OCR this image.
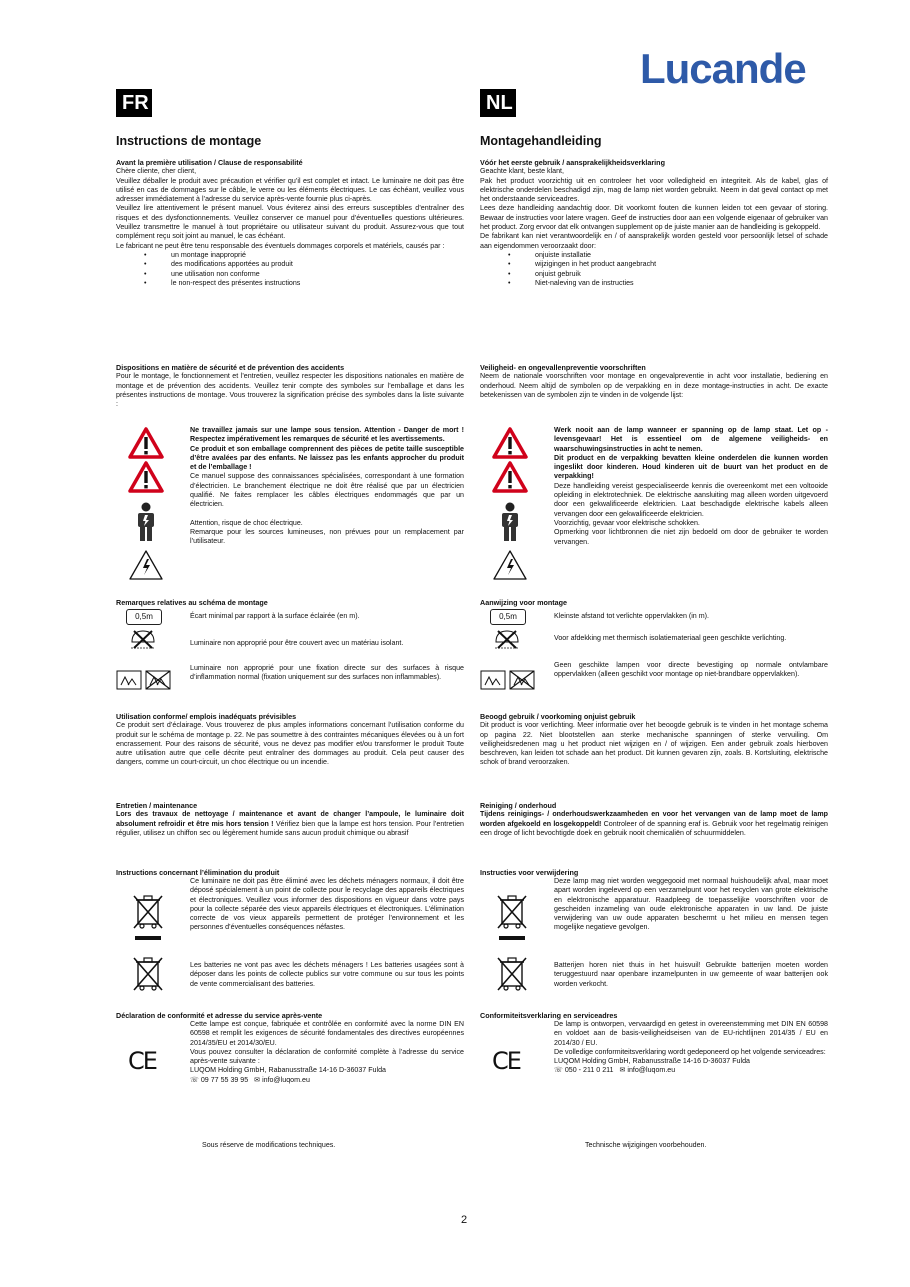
Lucande
FR	NL
Instructions de montage
Avant la première utilisation / Clause de responsabilité

Chère cliente, cher client,

Veuillez déballer le produit avec précaution et vérifier qu’il est complet et intact. Le luminaire ne doit pas être utilisé en cas de dommages sur le câble, le verre ou les éléments électriques. Le cas échéant, veuillez vous adresser immédiatement à l’adresse du service après-vente fournie plus ci-après.

Veuillez lire attentivement le présent manuel. Vous éviterez ainsi des erreurs susceptibles d’entraîner des risques et des dysfonctionnements. Veuillez conserver ce manuel pour d’éventuelles questions ultérieures. Veuillez transmettre le manuel à tout propriétaire ou utilisateur suivant du produit. Assurez-vous que tout complément reçu soit joint au manuel, le cas échéant.

Le fabricant ne peut être tenu responsable des éventuels dommages corporels et matériels, causés par :

• un montage inapproprié
• des modifications apportées au produit
• une utilisation non conforme
• le non-respect des présentes instructions
Dispositions en matière de sécurité et de prévention des accidents

Pour le montage, le fonctionnement et l’entretien, veuillez respecter les dispositions nationales en matière de montage et de prévention des accidents. Veuillez tenir compte des symboles sur l’emballage et dans les présentes instructions de montage. Vous trouverez la signification précise des symboles dans la liste suivante :

Ne travaillez jamais sur une lampe sous tension. Attention - Danger de mort ! Respectez impérativement les remarques de sécurité et les avertissements.

Ce produit et son emballage comprennent des pièces de petite taille susceptible d’être avalées par des enfants. Ne laissez pas les enfants approcher du produit et de l’emballage !

Ce manuel suppose des connaissances spécialisées, correspondant à une formation d’électricien. Le branchement électrique ne doit être réalisé que par un électricien qualifié. Ne faites remplacer les câbles électriques endommagés que par un électricien.

Attention, risque de choc électrique.

Remarque pour les sources lumineuses, non prévues pour un remplacement par l’utilisateur.

Remarques relatives au schéma de montage
0,5m	Écart minimal par rapport à la surface éclairée (en m).

Luminaire non approprié pour être couvert avec un matériau isolant.

Luminaire non approprié pour une fixation directe sur des surfaces à risque d’inflammation normal (fixation uniquement sur des surfaces non inflammables).

Utilisation conforme/ emplois inadéquats prévisibles

Ce produit sert d’éclairage. Vous trouverez de plus amples informations concernant l’utilisation conforme du produit sur le schéma de montage p. 22. Ne pas soumettre à des contraintes mécaniques élevées ou à un fort encrassement. Pour des raisons de sécurité, vous ne devez pas modifier et/ou transformer le produit Toute autre utilisation autre que celle décrite peut entraîner des dommages au produit. Cela peut causer des dangers, comme un court-circuit, un choc électrique ou un incendie.

Entretien / maintenance

Lors des travaux de nettoyage / maintenance et avant de changer l’ampoule, le luminaire doit absolument refroidir et être mis hors tension ! Vérifiez bien que la lampe est hors tension. Pour l’entretien régulier, utilisez un chiffon sec ou légèrement humide sans aucun produit chimique ou abrasif

Instructions concernant l’élimination du produit

Ce luminaire ne doit pas être éliminé avec les déchets ménagers normaux, il doit être déposé spécialement à un point de collecte pour le recyclage des appareils électriques et électroniques. Veuillez vous informer des dispositions en vigueur dans votre pays pour la collecte séparée des vieux appareils électriques et électroniques. L’élimination correcte de vos vieux appareils permettent de protéger l’environnement et les personnes d’éventuelles conséquences néfastes.

Les batteries ne vont pas avec les déchets ménagers ! Les batteries usagées sont à déposer dans les points de collecte publics sur votre commune ou sur tous les points de vente commercialisant des batteries.

Déclaration de conformité et adresse du service après-vente
CE

Cette lampe est conçue, fabriquée et contrôlée en conformité avec la norme DIN EN 60598 et remplit les exigences de sécurité fondamentales des directives européennes 2014/35/EU et 2014/30/EU.

Vous pouvez consulter la déclaration de conformité complète à l’adresse du service après-vente suivante :

LUQOM Holding GmbH, Rabanusstraße 14-16 D-36037 Fulda

☏ 09 77 55 39 95 ✉ info@luqom.eu

Sous réserve de modifications techniques.
Montagehandleiding
Vóór het eerste gebruik / aansprakelijkheidsverklaring

Geachte klant, beste klant,

Pak het product voorzichtig uit en controleer het voor volledigheid en integriteit. Als de kabel, glas of elektrische onderdelen beschadigd zijn, mag de lamp niet worden gebruikt. Neem in dat geval contact op met het onderstaande serviceadres.

Lees deze handleiding aandachtig door. Dit voorkomt fouten die kunnen leiden tot een gevaar of storing. Bewaar de instructies voor latere vragen. Geef de instructies door aan een volgende eigenaar of gebruiker van het product. Zorg ervoor dat elk ontvangen supplement op de juiste manier aan de handleiding is gekoppeld.

De fabrikant kan niet verantwoordelijk en / of aansprakelijk worden gesteld voor persoonlijk letsel of schade aan eigendommen veroorzaakt door:

• onjuiste installatie
• wijzigingen in het product aangebracht
• onjuist gebruik
• Niet-naleving van de instructies
Veiligheid- en ongevallenpreventie voorschriften

Neem de nationale voorschriften voor montage en ongevalpreventie in acht voor installatie, bediening en onderhoud. Neem altijd de symbolen op de verpakking en in deze montage-instructies in acht. De exacte betekenissen van de symbolen zijn te vinden in de volgende lijst:

Werk nooit aan de lamp wanneer er spanning op de lamp staat. Let op - levensgevaar! Het is essentieel om de algemene veiligheids- en waarschuwingsinstructies in acht te nemen.

Dit product en de verpakking bevatten kleine onderdelen die kunnen worden ingeslikt door kinderen. Houd kinderen uit de buurt van het product en de verpakking!

Deze handleiding vereist gespecialiseerde kennis die overeenkomt met een voltooide opleiding in elektrotechniek. De elektrische aansluiting mag alleen worden uitgevoerd door een gekwalificeerde elektricien. Laat beschadigde elektrische kabels alleen vervangen door een gekwalificeerde elektricien.

Voorzichtig, gevaar voor elektrische schokken.

Opmerking voor lichtbronnen die niet zijn bedoeld om door de gebruiker te worden vervangen.

Aanwijzing voor montage
0,5m	Kleinste afstand tot verlichte oppervlakken (in m).

Voor afdekking met thermisch isolatiemateriaal geen geschikte verlichting.

Geen geschikte lampen voor directe bevestiging op normale ontvlambare oppervlakken (alleen geschikt voor montage op niet-brandbare oppervlakken).

Beoogd gebruik / voorkoming onjuist gebruik

Dit product is voor verlichting. Meer informatie over het beoogde gebruik is te vinden in het montage schema op pagina 22. Niet blootstellen aan sterke mechanische spanningen of sterke vervuiling. Om veiligheidsredenen mag u het product niet wijzigen en / of wijzigen. Een ander gebruik zoals hierboven beschreven, kan leiden tot schade aan het product. Dit kunnen gevaren zijn, zoals. B. Kortsluiting, elektrische schok of brand veroorzaken.

Reiniging / onderhoud

Tijdens reinigings- / onderhoudswerkzaamheden en voor het vervangen van de lamp moet de lamp worden afgekoeld en losgekoppeld! Controleer of de spanning eraf is. Gebruik voor het regelmatig reinigen een droge of licht bevochtigde doek en gebruik nooit chemicaliën of schuurmiddelen.

Instructies voor verwijdering

Deze lamp mag niet worden weggegooid met normaal huishoudelijk afval, maar moet apart worden ingeleverd op een verzamelpunt voor het recyclen van grote elektrische en elektronische apparatuur. Raadpleeg de toepasselijke voorschriften voor de gescheiden inzameling van oude elektronische apparaten in uw land. De juiste verwijdering van uw oude apparaten beschermt u het milieu en mensen tegen mogelijke negatieve gevolgen.

Batterijen horen niet thuis in het huisvuil! Gebruikte batterijen moeten worden teruggestuurd naar openbare inzamelpunten in uw gemeente of waar batterijen ook worden verkocht.

Conformiteitsverklaring en serviceadres
CE

De lamp is ontworpen, vervaardigd en getest in overeenstemming met DIN EN 60598 en voldoet aan de basis-veiligheidseisen van de EU-richtlijnen 2014/35 / EU en 2014/30 / EU.

De volledige conformiteitsverklaring wordt gedeponeerd op het volgende serviceadres:

LUQOM Holding GmbH, Rabanusstraße 14-16 D-36037 Fulda

☏ 050 - 211 0 211 ✉ info@luqom.eu

Technische wijzigingen voorbehouden.
2
